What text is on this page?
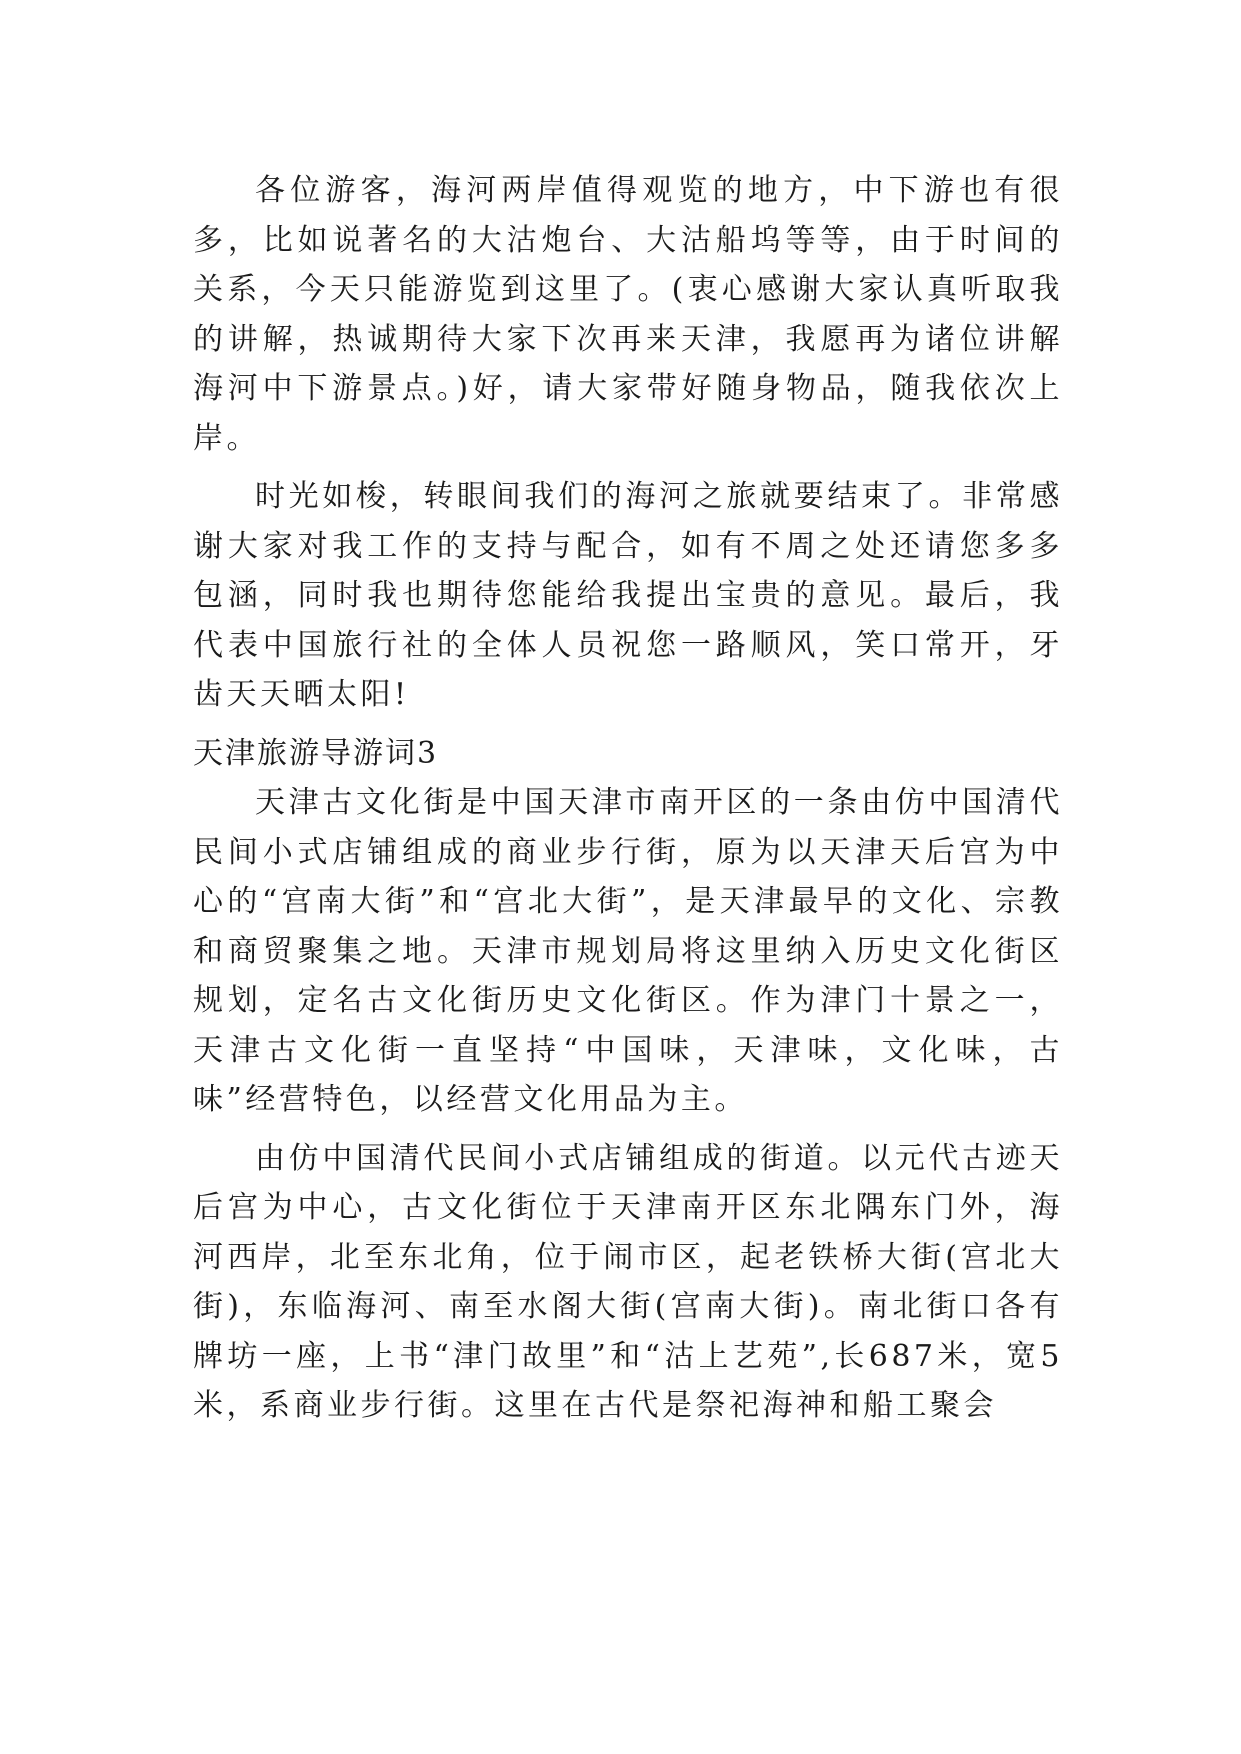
各位游客，海河两岸值得观览的地方，中下游也有很多，比如说著名的大沽炮台、大沽船坞等等，由于时间的关系，今天只能游览到这里了。(衷心感谢大家认真听取我的讲解，热诚期待大家下次再来天津，我愿再为诸位讲解海河中下游景点。)好，请大家带好随身物品，随我依次上岸。

时光如梭，转眼间我们的海河之旅就要结束了。非常感谢大家对我工作的支持与配合，如有不周之处还请您多多包涵，同时我也期待您能给我提出宝贵的意见。最后，我代表中国旅行社的全体人员祝您一路顺风，笑口常开，牙齿天天晒太阳!

天津旅游导游词3

天津古文化街是中国天津市南开区的一条由仿中国清代民间小式店铺组成的商业步行街，原为以天津天后宫为中心的“宫南大街”和“宫北大街”，是天津最早的文化、宗教和商贸聚集之地。天津市规划局将这里纳入历史文化街区规划，定名古文化街历史文化街区。作为津门十景之一，天津古文化街一直坚持“中国味，天津味，文化味，古味”经营特色，以经营文化用品为主。

由仿中国清代民间小式店铺组成的街道。以元代古迹天后宫为中心，古文化街位于天津南开区东北隅东门外，海河西岸，北至东北角，位于闹市区，起老铁桥大街(宫北大街)，东临海河、南至水阁大街(宫南大街)。南北街口各有牌坊一座，上书“津门故里”和“沽上艺苑”,长687米，宽5米，系商业步行街。这里在古代是祭祀海神和船工聚会
